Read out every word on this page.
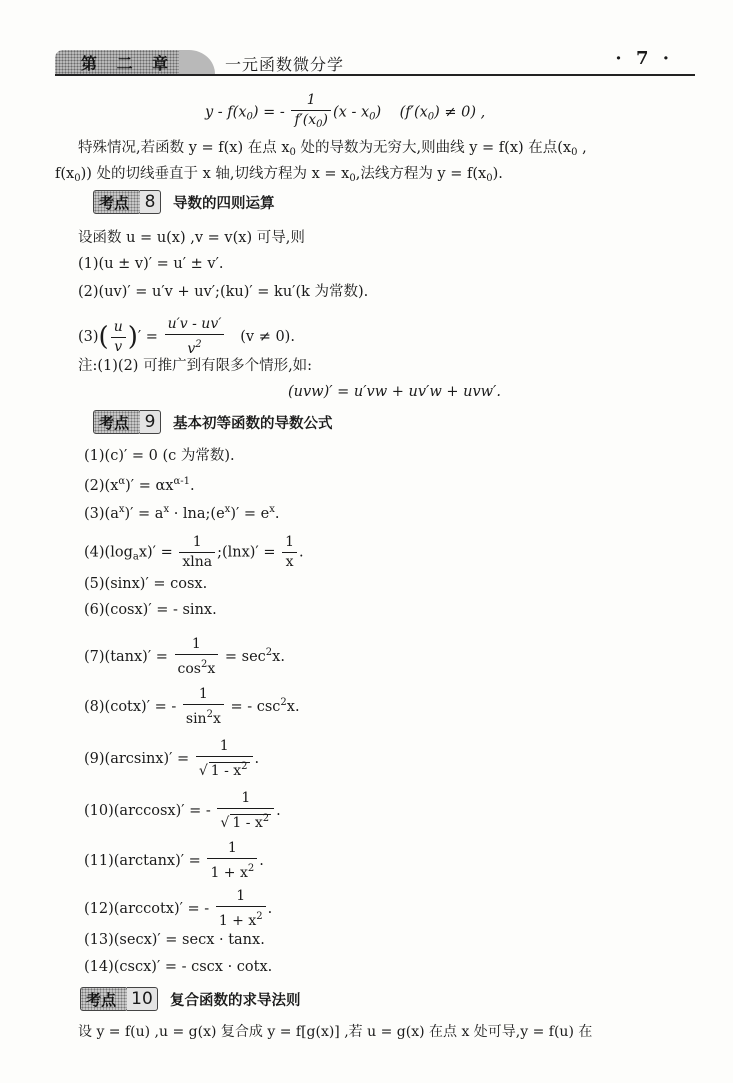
第 二 章	一元函数微分学	· 7 ·
y - $f(x_0)$ = - $\frac{1}{f'(x_0)} (x - x_0) (f'(x_0) \ne 0)$ ,
特殊情况,若函数 y = f(x) 在点 $x_0$ 处的导数为无穷大,则曲线 y = f(x) 在点($x_0$ ,
$f(x_0)$) 处的切线垂直于 x 轴,切线方程为 $x = x_0$,法线方程为 $y = f(x_0)$.
考点 8	导数的四则运算
设函数 u = u(x) ,v = v(x) 可导,则
(1)(u ± v)′ = u′ ± v′.
(2)(uv)′ = u′v + uv′;(ku)′ = ku′(k 为常数).
$(3)( \frac{u}{v}$ )′ = $\frac{u'v - uv'}{v^2} (v \ne 0)$.
注:(1)(2) 可推广到有限多个情形,如:
(uvw)′ = u′vw + uv′w + uvw′.
考点 9	基本初等函数的导数公式
(1)(c)′ = 0 (c 为常数).
$(2)(x^\alpha)' = \alpha x^{\alpha-1}$.
$(3)(a^x)' = a^x$ · $\ln a;(e^x)' = e^x$.
$(4)(\log_ax)' = \frac{1}{xlna}$ ;(lnx)′ = $\frac{1}{x}$ .
(5)(sinx)′ = cosx.
(6)(cosx)′ = - sinx.
$(7)(\tan x)' = \frac{1}{\cos^2x} = \sec^2x$.
(8)(cotx)′ = - $\frac{1}{\sin^2x}$ = - $\csc^2x$.
$(9)(\arcsin x)' = \frac{1}{√ 1 - x^2}$ .
(10)(arccosx)′ = - $\frac{1}{√ 1 - x^2}$ .
$(11)(\arctan x)' = \frac{1}{1 + x^2}$ .
(12)(arccotx)′ = - $\frac{1}{1 + x^2}$ .
(13)(secx)′ = secx · tanx.
(14)(cscx)′ = - cscx · cotx.
考点 10	复合函数的求导法则
设 y = f(u) ,u = g(x) 复合成 y = f[g(x)] ,若 u = g(x) 在点 x 处可导,y = f(u) 在
